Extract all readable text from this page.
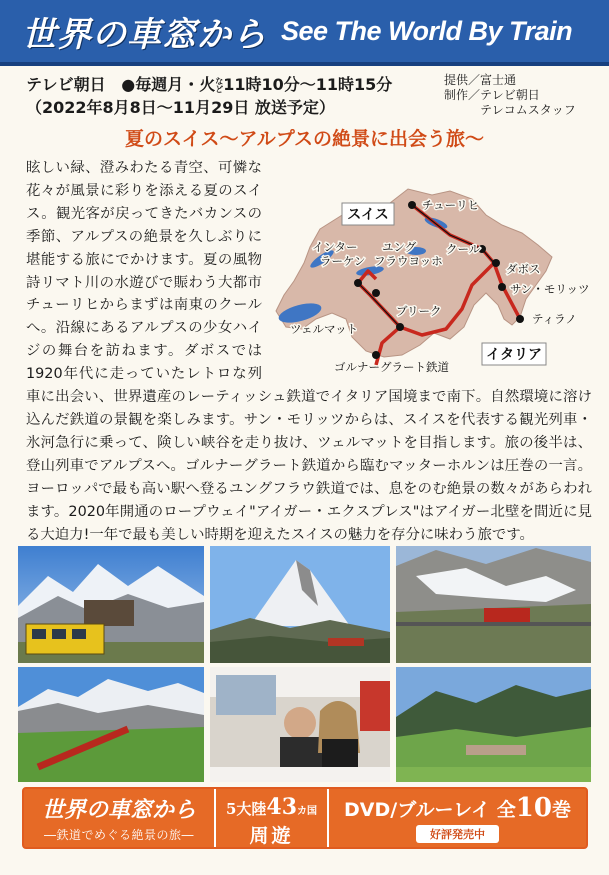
世界の車窓から See The World By Train
テレビ朝日 ●毎週月・火など11時10分～11時15分
（2022年8月8日～11月29日 放送予定）
提供／ 富士通
制作／ テレビ朝日
テレコムスタッフ
夏のスイス～アルプスの絶景に出会う旅～
眩しい緑、澄みわたる青空、可憐な花々が風景に彩りを添える夏のスイス。観光客が戻ってきたバカンスの季節、アルプスの絶景を久しぶりに堪能する旅にでかけます。夏の風物詩リマト川の水遊びで賑わう大都市チューリヒからまずは南東のクールへ。沿線にあるアルプスの少女ハイジの舞台を訪ねます。ダボスでは1920年代に走っていたレトロな列車に出会い、世界遺産のレーティッシュ鉄道でイタリア国境まで南下。自然環境に溶け込んだ鉄道の景観を楽しみます。サン・モリッツからは、スイスを代表する観光列車・氷河急行に乗って、険しい峡谷を走り抜け、ツェルマットを目指します。旅の後半は、登山列車でアルプスへ。ゴルナーグラート鉄道から臨むマッターホルンは圧巻の一言。ヨーロッパで最も高い駅へ登るユングフラウ鉄道では、息をのむ絶景の数々があらわれます。2020年開通のロープウェイ"アイガー・エクスプレス"はアイガー北壁を間近に見る大迫力!一年で最も美しい時期を迎えたスイスの魅力を存分に味わう旅です。
スイス
イタリア
チューリヒ
インター
ラーケン
ユング
フラウヨッホ
クール
ダボス
サン・モリッツ
ティラノ
ブリーク
ツェルマット
ゴルナーグラート鉄道
世界の車窓から
―鉄道でめぐる絶景の旅―
5大陸43カ国
周遊
DVD/ブルーレイ 全10巻
好評発売中
